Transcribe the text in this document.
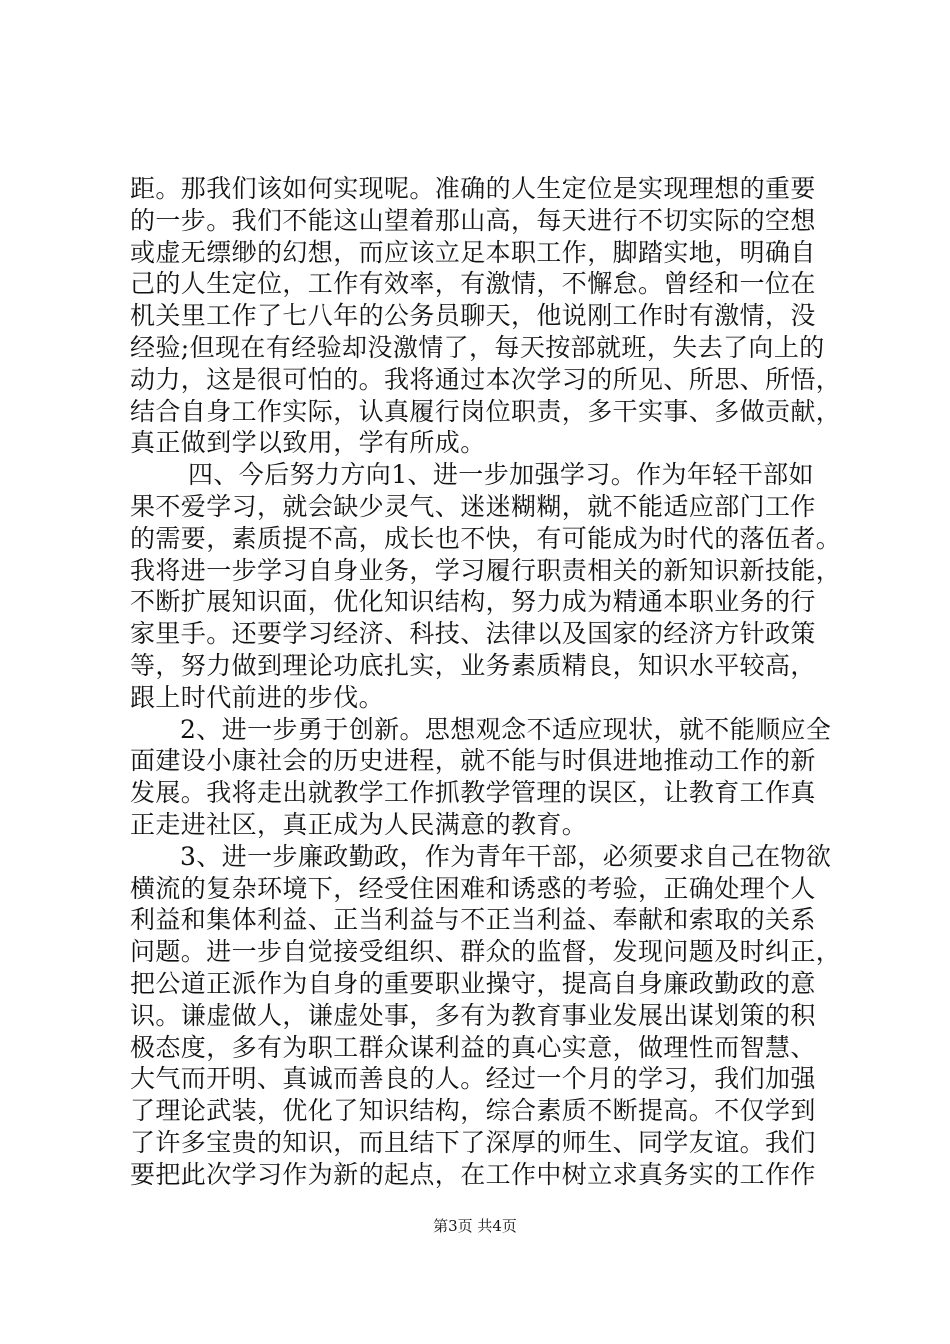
距。那我们该如何实现呢。准确的人生定位是实现理想的重要
的一步。我们不能这山望着那山高，每天进行不切实际的空想
或虚无缥缈的幻想，而应该立足本职工作，脚踏实地，明确自
己的人生定位，工作有效率，有激情，不懈怠。曾经和一位在
机关里工作了七八年的公务员聊天，他说刚工作时有激情，没
经验;但现在有经验却没激情了，每天按部就班，失去了向上的
动力，这是很可怕的。我将通过本次学习的所见、所思、所悟，
结合自身工作实际，认真履行岗位职责，多干实事、多做贡献，
真正做到学以致用，学有所成。
四、今后努力方向1、进一步加强学习。作为年轻干部如
果不爱学习，就会缺少灵气、迷迷糊糊，就不能适应部门工作
的需要，素质提不高，成长也不快，有可能成为时代的落伍者。
我将进一步学习自身业务，学习履行职责相关的新知识新技能，
不断扩展知识面，优化知识结构，努力成为精通本职业务的行
家里手。还要学习经济、科技、法律以及国家的经济方针政策
等，努力做到理论功底扎实，业务素质精良，知识水平较高，
跟上时代前进的步伐。
2、进一步勇于创新。思想观念不适应现状，就不能顺应全
面建设小康社会的历史进程，就不能与时俱进地推动工作的新
发展。我将走出就教学工作抓教学管理的误区，让教育工作真
正走进社区，真正成为人民满意的教育。
3、进一步廉政勤政，作为青年干部，必须要求自己在物欲
横流的复杂环境下，经受住困难和诱惑的考验，正确处理个人
利益和集体利益、正当利益与不正当利益、奉献和索取的关系
问题。进一步自觉接受组织、群众的监督，发现问题及时纠正，
把公道正派作为自身的重要职业操守，提高自身廉政勤政的意
识。谦虚做人，谦虚处事，多有为教育事业发展出谋划策的积
极态度，多有为职工群众谋利益的真心实意，做理性而智慧、
大气而开明、真诚而善良的人。经过一个月的学习，我们加强
了理论武装，优化了知识结构，综合素质不断提高。不仅学到
了许多宝贵的知识，而且结下了深厚的师生、同学友谊。我们
要把此次学习作为新的起点，在工作中树立求真务实的工作作
第3页 共4页
